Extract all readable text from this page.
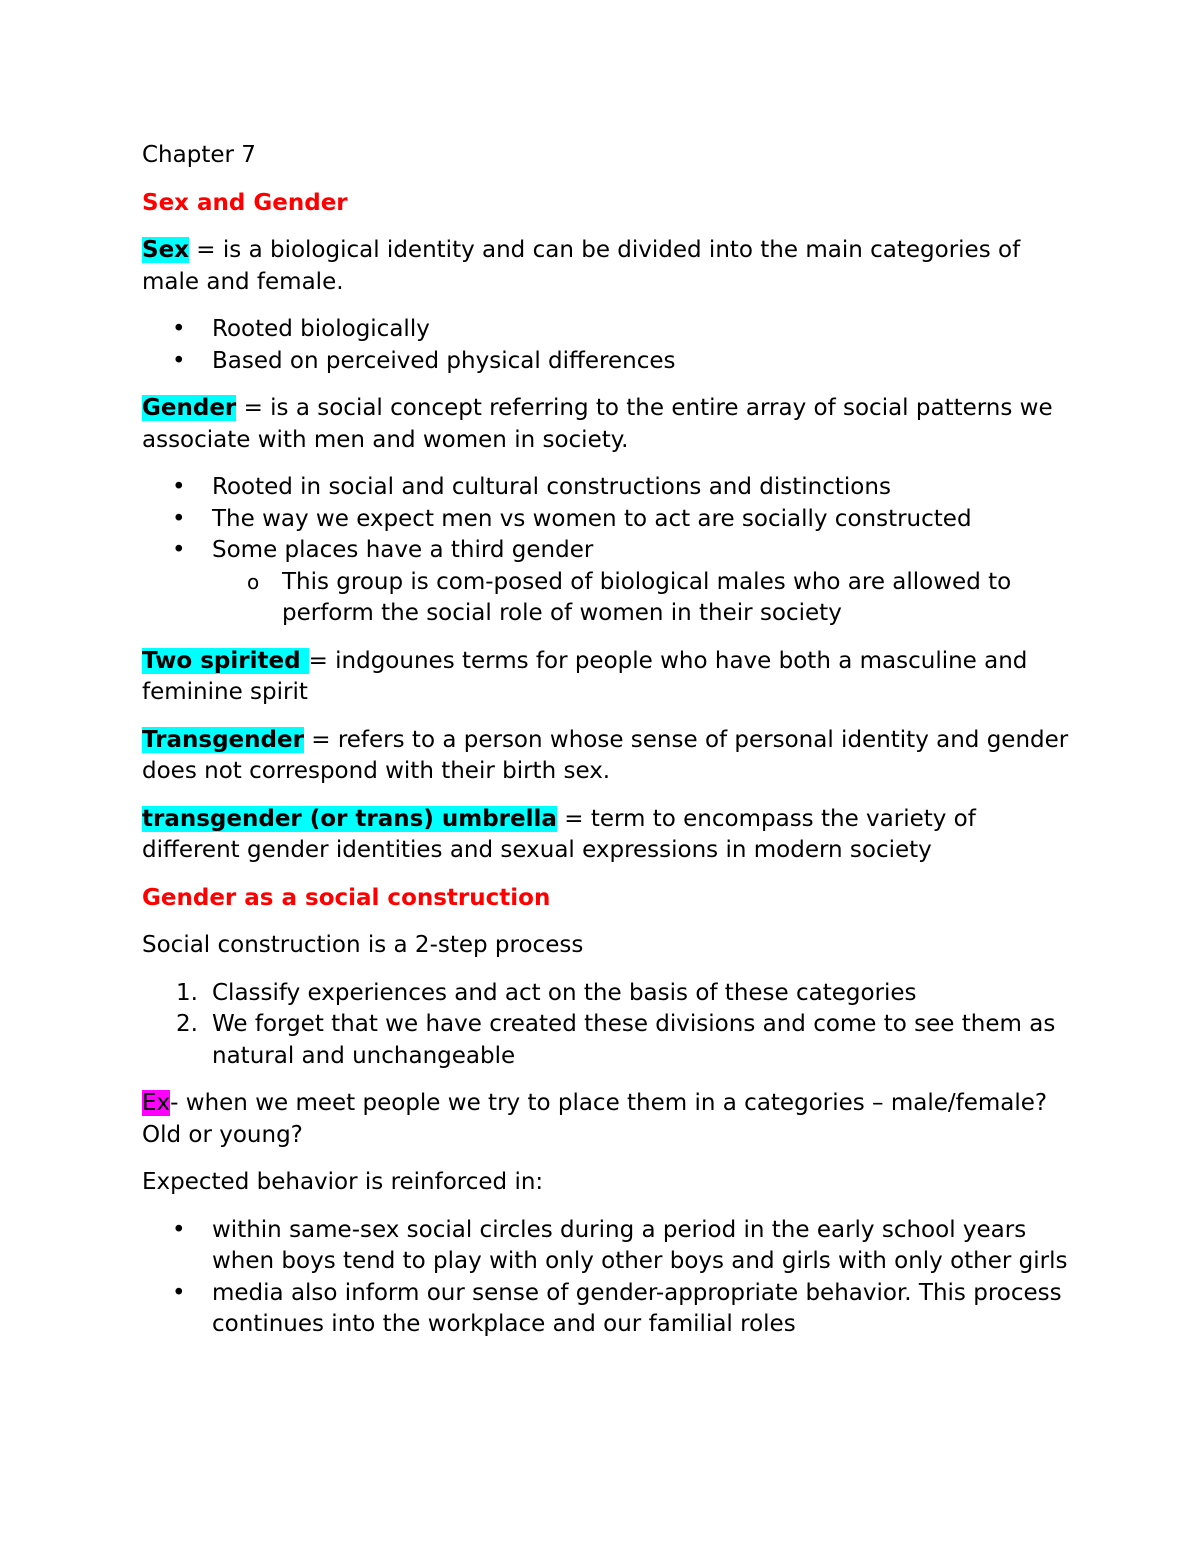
Chapter 7

Sex and Gender

Sex = is a biological identity and can be divided into the main categories of male and female.

• Rooted biologically
• Based on perceived physical differences

Gender = is a social concept referring to the entire array of social patterns we associate with men and women in society.

• Rooted in social and cultural constructions and distinctions
• The way we expect men vs women to act are socially constructed
• Some places have a third gender
o This group is com-posed of biological males who are allowed to perform the social role of women in their society

Two spirited = indgounes terms for people who have both a masculine and feminine spirit

Transgender = refers to a person whose sense of personal identity and gender does not correspond with their birth sex.

transgender (or trans) umbrella = term to encompass the variety of different gender identities and sexual expressions in modern society

Gender as a social construction

Social construction is a 2-step process

1. Classify experiences and act on the basis of these categories
2. We forget that we have created these divisions and come to see them as natural and unchangeable

Ex- when we meet people we try to place them in a categories – male/female? Old or young?

Expected behavior is reinforced in:

• within same-sex social circles during a period in the early school years when boys tend to play with only other boys and girls with only other girls
• media also inform our sense of gender-appropriate behavior. This process continues into the workplace and our familial roles
